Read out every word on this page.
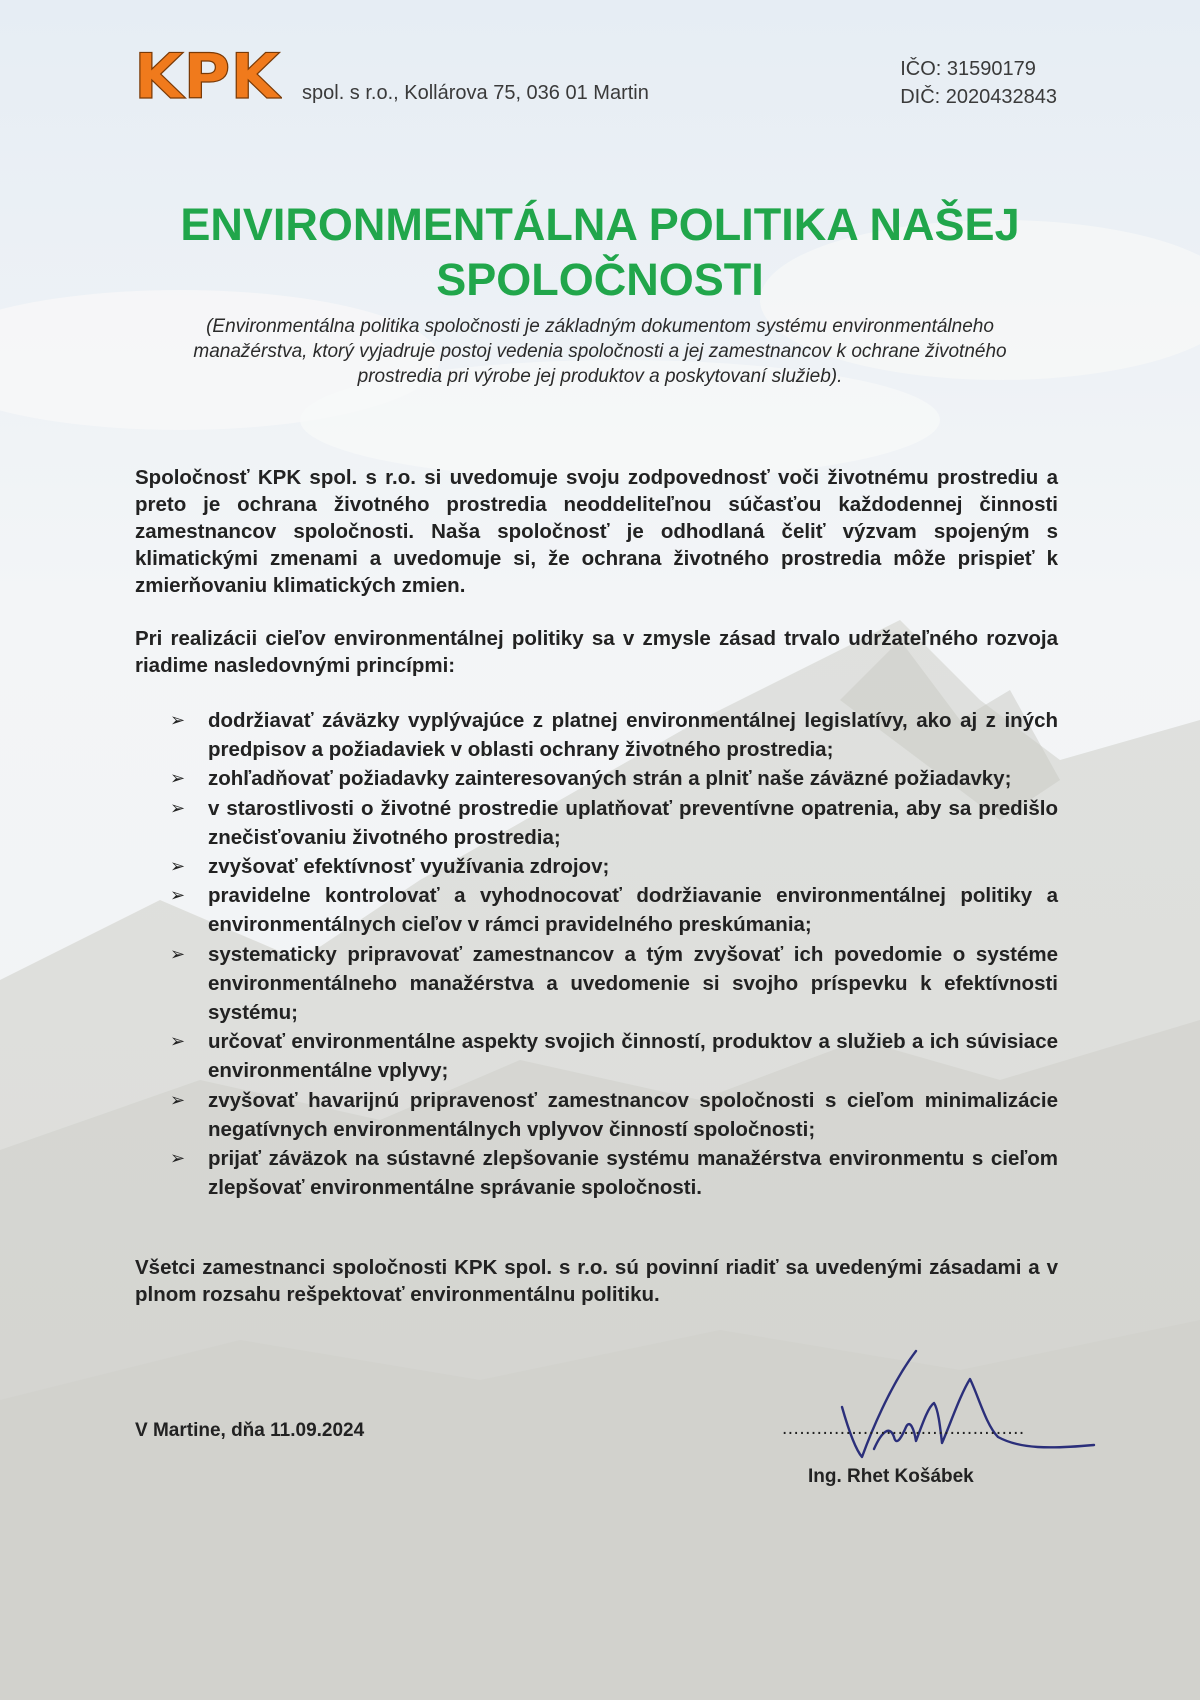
KPK spol. s r.o., Kollárova 75, 036 01 Martin
IČO: 31590179
DIČ: 2020432843
ENVIRONMENTÁLNA POLITIKA NAŠEJ SPOLOČNOSTI

(Environmentálna politika spoločnosti je základným dokumentom systému environmentálneho manažérstva, ktorý vyjadruje postoj vedenia spoločnosti a jej zamestnancov k ochrane životného prostredia pri výrobe jej produktov a poskytovaní služieb).

Spoločnosť KPK spol. s r.o. si uvedomuje svoju zodpovednosť voči životnému prostrediu a preto je ochrana životného prostredia neoddeliteľnou súčasťou každodennej činnosti zamestnancov spoločnosti. Naša spoločnosť je odhodlaná čeliť výzvam spojeným s klimatickými zmenami a uvedomuje si, že ochrana životného prostredia môže prispieť k zmierňovaniu klimatických zmien.

Pri realizácii cieľov environmentálnej politiky sa v zmysle zásad trvalo udržateľného rozvoja riadime nasledovnými princípmi:

➢ dodržiavať záväzky vyplývajúce z platnej environmentálnej legislatívy, ako aj z iných predpisov a požiadaviek v oblasti ochrany životného prostredia;
➢ zohľadňovať požiadavky zainteresovaných strán a plniť naše záväzné požiadavky;
➢ v starostlivosti o životné prostredie uplatňovať preventívne opatrenia, aby sa predišlo znečisťovaniu životného prostredia;
➢ zvyšovať efektívnosť využívania zdrojov;
➢ pravidelne kontrolovať a vyhodnocovať dodržiavanie environmentálnej politiky a environmentálnych cieľov v rámci pravidelného preskúmania;
➢ systematicky pripravovať zamestnancov a tým zvyšovať ich povedomie o systéme environmentálneho manažérstva a uvedomenie si svojho príspevku k efektívnosti systému;
➢ určovať environmentálne aspekty svojich činností, produktov a služieb a ich súvisiace environmentálne vplyvy;
➢ zvyšovať havarijnú pripravenosť zamestnancov spoločnosti s cieľom minimalizácie negatívnych environmentálnych vplyvov činností spoločnosti;
➢ prijať záväzok na sústavné zlepšovanie systému manažérstva environmentu s cieľom zlepšovať environmentálne správanie spoločnosti.

Všetci zamestnanci spoločnosti KPK spol. s r.o. sú povinní riadiť sa uvedenými zásadami a v plnom rozsahu rešpektovať environmentálnu politiku.

V Martine, dňa 11.09.2024	..........................................
Ing. Rhet Košábek
